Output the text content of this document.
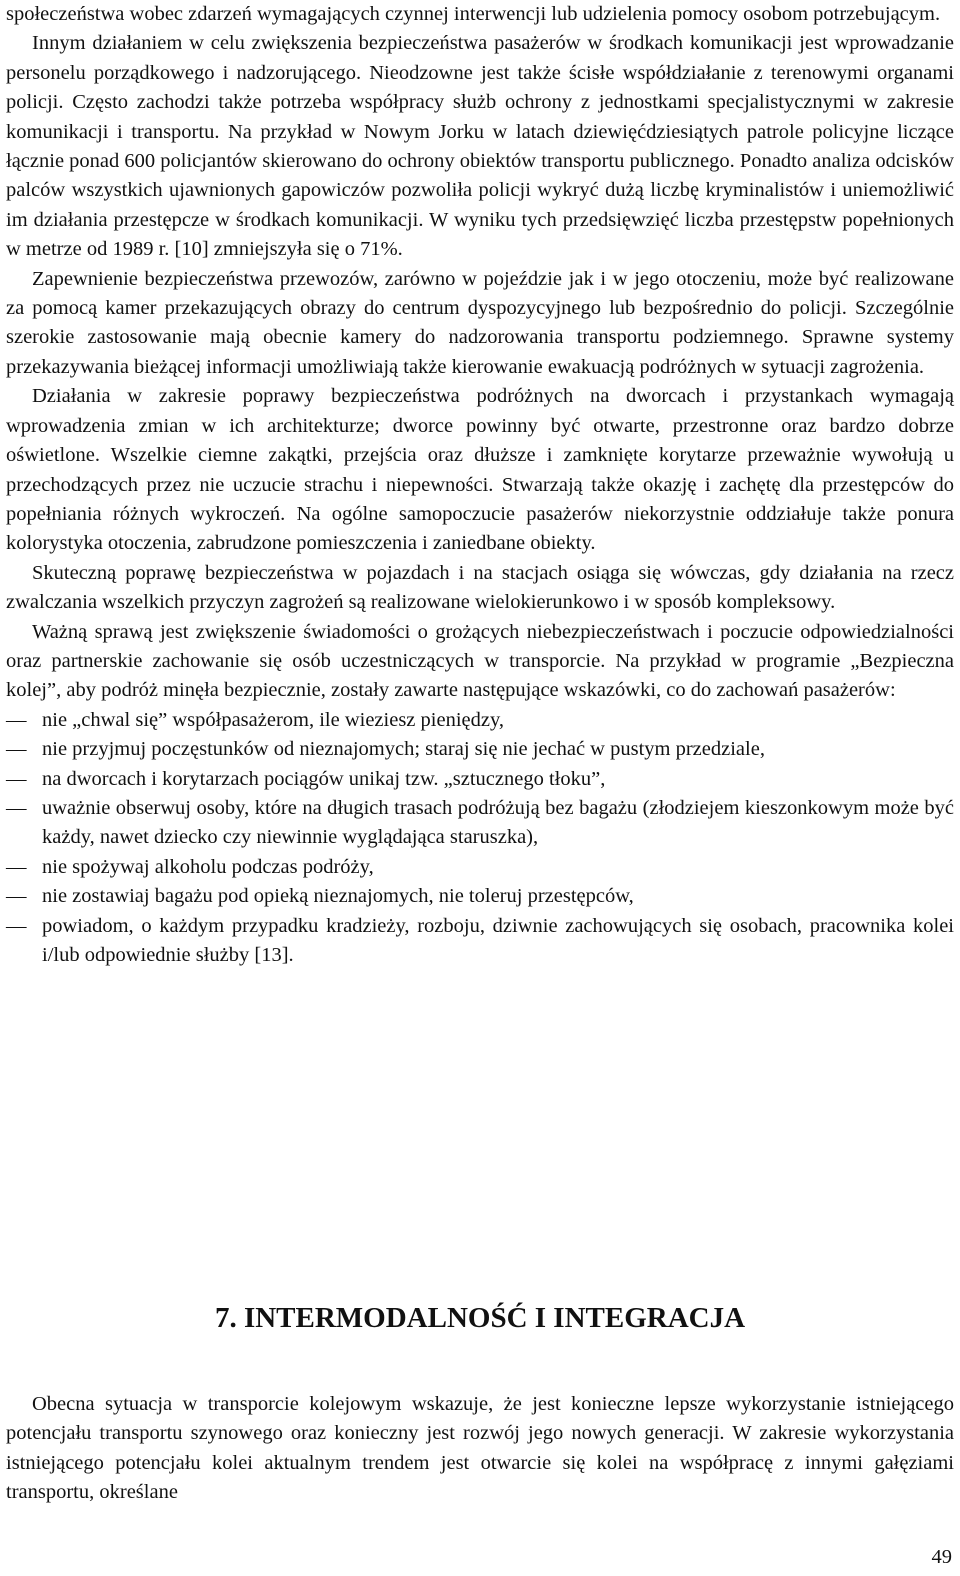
społeczeństwa wobec zdarzeń wymagających czynnej interwencji lub udzielenia pomocy osobom potrzebującym.

Innym działaniem w celu zwiększenia bezpieczeństwa pasażerów w środkach komunikacji jest wprowadzanie personelu porządkowego i nadzorującego. Nieodzowne jest także ścisłe współdziałanie z terenowymi organami policji. Często zachodzi także potrzeba współpracy służb ochrony z jednostkami specjalistycznymi w zakresie komunikacji i transportu. Na przykład w Nowym Jorku w latach dziewięćdziesiątych patrole policyjne liczące łącznie ponad 600 policjantów skierowano do ochrony obiektów transportu publicznego. Ponadto analiza odcisków palców wszystkich ujawnionych gapowiczów pozwoliła policji wykryć dużą liczbę kryminalistów i uniemożliwić im działania przestępcze w środkach komunikacji. W wyniku tych przedsięwzięć liczba przestępstw popełnionych w metrze od 1989 r. [10] zmniejszyła się o 71%.

Zapewnienie bezpieczeństwa przewozów, zarówno w pojeździe jak i w jego otoczeniu, może być realizowane za pomocą kamer przekazujących obrazy do centrum dyspozycyjnego lub bezpośrednio do policji. Szczególnie szerokie zastosowanie mają obecnie kamery do nadzorowania transportu podziemnego. Sprawne systemy przekazywania bieżącej informacji umożliwiają także kierowanie ewakuacją podróżnych w sytuacji zagrożenia.

Działania w zakresie poprawy bezpieczeństwa podróżnych na dworcach i przystankach wymagają wprowadzenia zmian w ich architekturze; dworce powinny być otwarte, przestronne oraz bardzo dobrze oświetlone. Wszelkie ciemne zakątki, przejścia oraz dłuższe i zamknięte korytarze przeważnie wywołują u przechodzących przez nie uczucie strachu i niepewności. Stwarzają także okazję i zachętę dla przestępców do popełniania różnych wykroczeń. Na ogólne samopoczucie pasażerów niekorzystnie oddziałuje także ponura kolorystyka otoczenia, zabrudzone pomieszczenia i zaniedbane obiekty.

Skuteczną poprawę bezpieczeństwa w pojazdach i na stacjach osiąga się wówczas, gdy działania na rzecz zwalczania wszelkich przyczyn zagrożeń są realizowane wielokierunkowo i w sposób kompleksowy.

Ważną sprawą jest zwiększenie świadomości o grożących niebezpieczeństwach i poczucie odpowiedzialności oraz partnerskie zachowanie się osób uczestniczących w transporcie. Na przykład w programie „Bezpieczna kolej”, aby podróż minęła bezpiecznie, zostały zawarte następujące wskazówki, co do zachowań pasażerów:

— nie „chwal się” współpasażerom, ile wieziesz pieniędzy,
— nie przyjmuj poczęstunków od nieznajomych; staraj się nie jechać w pustym przedziale,
— na dworcach i korytarzach pociągów unikaj tzw. „sztucznego tłoku”,
— uważnie obserwuj osoby, które na długich trasach podróżują bez bagażu (złodziejem kieszonkowym może być każdy, nawet dziecko czy niewinnie wyglądająca staruszka),
— nie spożywaj alkoholu podczas podróży,
— nie zostawiaj bagażu pod opieką nieznajomych, nie toleruj przestępców,
— powiadom, o każdym przypadku kradzieży, rozboju, dziwnie zachowujących się osobach, pracownika kolei i/lub odpowiednie służby [13].
7. INTERMODALNOŚĆ I INTEGRACJA

Obecna sytuacja w transporcie kolejowym wskazuje, że jest konieczne lepsze wykorzystanie istniejącego potencjału transportu szynowego oraz konieczny jest rozwój jego nowych generacji. W zakresie wykorzystania istniejącego potencjału kolei aktualnym trendem jest otwarcie się kolei na współpracę z innymi gałęziami transportu, określane

49
